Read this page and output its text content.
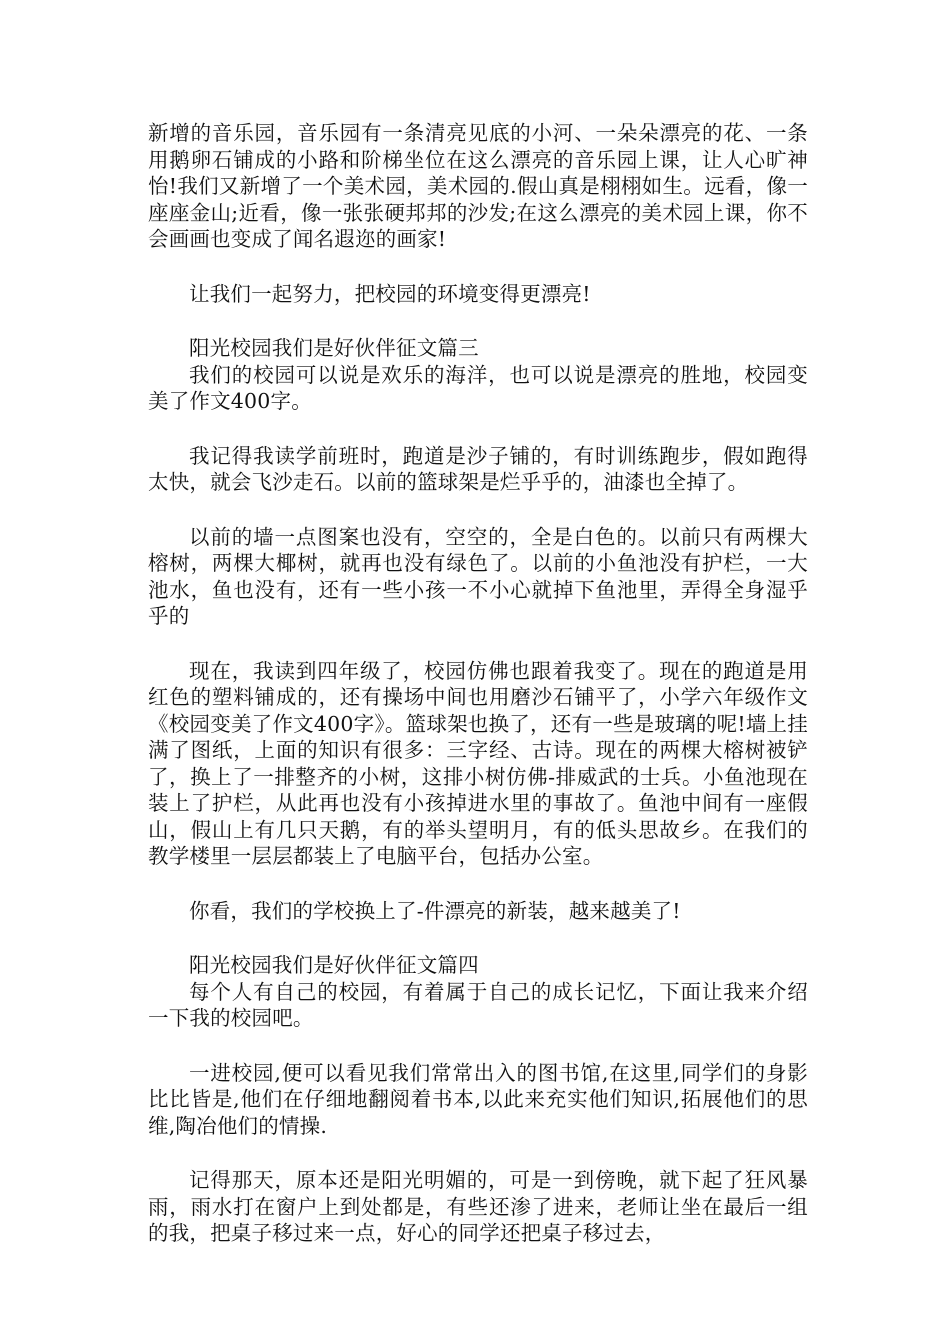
新增的音乐园，音乐园有一条清亮见底的小河、一朵朵漂亮的花、一条用鹅卵石铺成的小路和阶梯坐位在这么漂亮的音乐园上课，让人心旷神怡!我们又新增了一个美术园，美术园的.假山真是栩栩如生。远看，像一座座金山;近看，像一张张硬邦邦的沙发;在这么漂亮的美术园上课，你不会画画也变成了闻名遐迩的画家!

让我们一起努力，把校园的环境变得更漂亮!

阳光校园我们是好伙伴征文篇三

我们的校园可以说是欢乐的海洋，也可以说是漂亮的胜地，校园变美了作文400字。

我记得我读学前班时，跑道是沙子铺的，有时训练跑步，假如跑得太快，就会飞沙走石。以前的篮球架是烂乎乎的，油漆也全掉了。

以前的墙一点图案也没有，空空的，全是白色的。以前只有两棵大榕树，两棵大椰树，就再也没有绿色了。以前的小鱼池没有护栏，一大池水，鱼也没有，还有一些小孩一不小心就掉下鱼池里，弄得全身湿乎乎的

现在，我读到四年级了，校园仿佛也跟着我变了。现在的跑道是用红色的塑料铺成的，还有操场中间也用磨沙石铺平了，小学六年级作文《校园变美了作文400字》。篮球架也换了，还有一些是玻璃的呢!墙上挂满了图纸，上面的知识有很多：三字经、古诗。现在的两棵大榕树被铲了，换上了一排整齐的小树，这排小树仿佛-排威武的士兵。小鱼池现在装上了护栏，从此再也没有小孩掉进水里的事故了。鱼池中间有一座假山，假山上有几只天鹅，有的举头望明月，有的低头思故乡。在我们的教学楼里一层层都装上了电脑平台，包括办公室。

你看，我们的学校换上了-件漂亮的新装，越来越美了!

阳光校园我们是好伙伴征文篇四

每个人有自己的校园，有着属于自己的成长记忆，下面让我来介绍一下我的校园吧。

一进校园,便可以看见我们常常出入的图书馆,在这里,同学们的身影比比皆是,他们在仔细地翻阅着书本,以此来充实他们知识,拓展他们的思维,陶冶他们的情操.

记得那天，原本还是阳光明媚的，可是一到傍晚，就下起了狂风暴雨，雨水打在窗户上到处都是，有些还渗了进来，老师让坐在最后一组的我，把桌子移过来一点，好心的同学还把桌子移过去，
